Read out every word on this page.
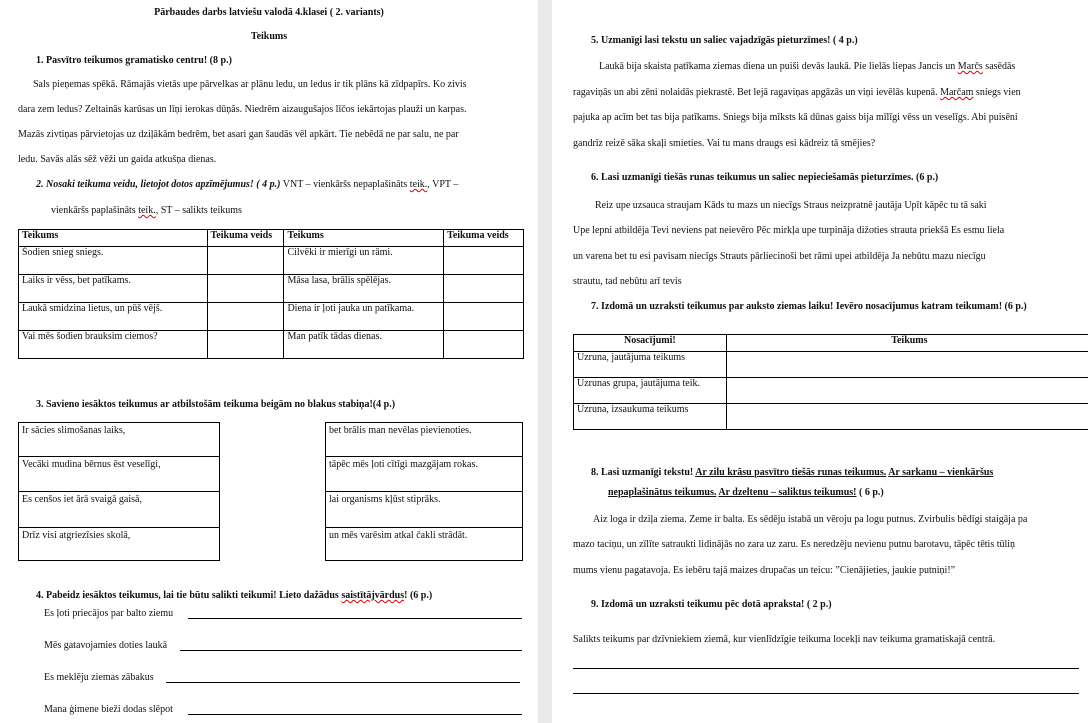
Pārbaudes darbs latviešu valodā 4.klasei ( 2. variants)
Teikums
1. Pasvītro teikumos gramatisko centru! (8 p.)
Sals pieņemas spēkā. Rāmajās vietās upe pārvelkas ar plānu ledu, un ledus ir tik plāns kā zīdpapīrs. Ko zivis
dara zem ledus? Zeltainās karūsas un līņi ierokas dūņās. Niedrēm aizaugušajos līčos iekārtojas plauži un karpas.
Mazās zivtiņas pārvietojas uz dziļākām bedrēm, bet asari gan šaudās vēl apkārt. Tie nebēdā ne par salu, ne par
ledu. Savās alās sēž vēži un gaida atkušņa dienas.
2. Nosaki teikuma veidu, lietojot dotos apzīmējumus! ( 4 p.) VNT – vienkāršs nepaplašināts teik., VPT –
vienkāršs paplašināts teik., ST – salikts teikums
Teikums	Teikuma veids	Teikums	Teikuma veids
Šodien snieg sniegs.		Cilvēki ir mierīgi un rāmi.	
Laiks ir vēss, bet patīkams.		Māsa lasa, brālis spēlējas.	
Laukā smidzina lietus, un pūš vējš.		Diena ir ļoti jauka un patīkama.	
Vai mēs šodien brauksim ciemos?		Man patīk tādas dienas.	
3. Savieno iesāktos teikumus ar atbilstošām teikuma beigām no blakus stabiņa!(4 p.)
Ir sācies slimošanas laiks,
Vecāki mudina bērnus ēst veselīgi,
Es cenšos iet ārā svaigā gaisā,
Drīz visi atgriezīsies skolā,
bet brālis man nevēlas pievienoties.
tāpēc mēs ļoti cītīgi mazgājam rokas.
lai organisms kļūst stiprāks.
un mēs varēsim atkal čakli strādāt.
4. Pabeidz iesāktos teikumus, lai tie būtu salikti teikumi! Lieto dažādus saistītājvārdus! (6 p.)
Es ļoti priecājos par balto ziemu
Mēs gatavojamies doties laukā
Es meklēju ziemas zābakus
Mana ģimene bieži dodas slēpot
5. Uzmanīgi lasi tekstu un saliec vajadzīgās pieturzīmes! ( 4 p.)
Laukā bija skaista patīkama ziemas diena un puiši devās laukā. Pie lielās liepas Jancis un Marčs sasēdās
ragaviņās un abi zēni nolaidās piekrastē. Bet lejā ragaviņas apgāzās un viņi ievēlās kupenā. Marčam sniegs vien
pajuka ap acīm bet tas bija patīkams. Sniegs bija mīksts kā dūnas gaiss bija mīlīgi vēss un veselīgs. Abi puisēni
gandrīz reizē sāka skaļi smieties. Vai tu mans draugs esi kādreiz tā smējies?
6. Lasi uzmanīgi tiešās runas teikumus un saliec nepieciešamās pieturzīmes. (6 p.)
Reiz upe uzsauca straujam Kāds tu mazs un niecīgs Straus neizpratnē jautāja Upīt kāpēc tu tā saki
Upe lepni atbildēja Tevi neviens pat neievēro Pēc mirkļa upe turpināja dižoties strauta priekšā Es esmu liela
un varena bet tu esi pavisam niecīgs Strauts pārliecinoši bet rāmi upei atbildēja Ja nebūtu mazu niecīgu
strautu, tad nebūtu arī tevis
7. Izdomā un uzraksti teikumus par auksto ziemas laiku! Ievēro nosacījumus katram teikumam! (6 p.)
Nosacījumi!	Teikums
Uzruna, jautājuma teikums	
Uzrunas grupa, jautājuma teik.	
Uzruna, izsaukuma teikums	
8. Lasi uzmanīgi tekstu! Ar zilu krāsu pasvītro tiešās runas teikumus. Ar sarkanu – vienkāršus
nepaplašinātus teikumus. Ar dzeltenu – saliktus teikumus! ( 6 p.)
Aiz loga ir dziļa ziema. Zeme ir balta. Es sēdēju istabā un vēroju pa logu putnus. Zvirbulis bēdīgi staigāja pa
mazo taciņu, un zīlīte satraukti lidinājās no zara uz zaru. Es neredzēju nevienu putnu barotavu, tāpēc tētis tūliņ
mums vienu pagatavoja. Es iebēru tajā maizes drupačas un teicu: ”Cienājieties, jaukie putniņi!”
9. Izdomā un uzraksti teikumu pēc dotā apraksta! ( 2 p.)
Salikts teikums par dzīvniekiem ziemā, kur vienlīdzīgie teikuma locekļi nav teikuma gramatiskajā centrā.
